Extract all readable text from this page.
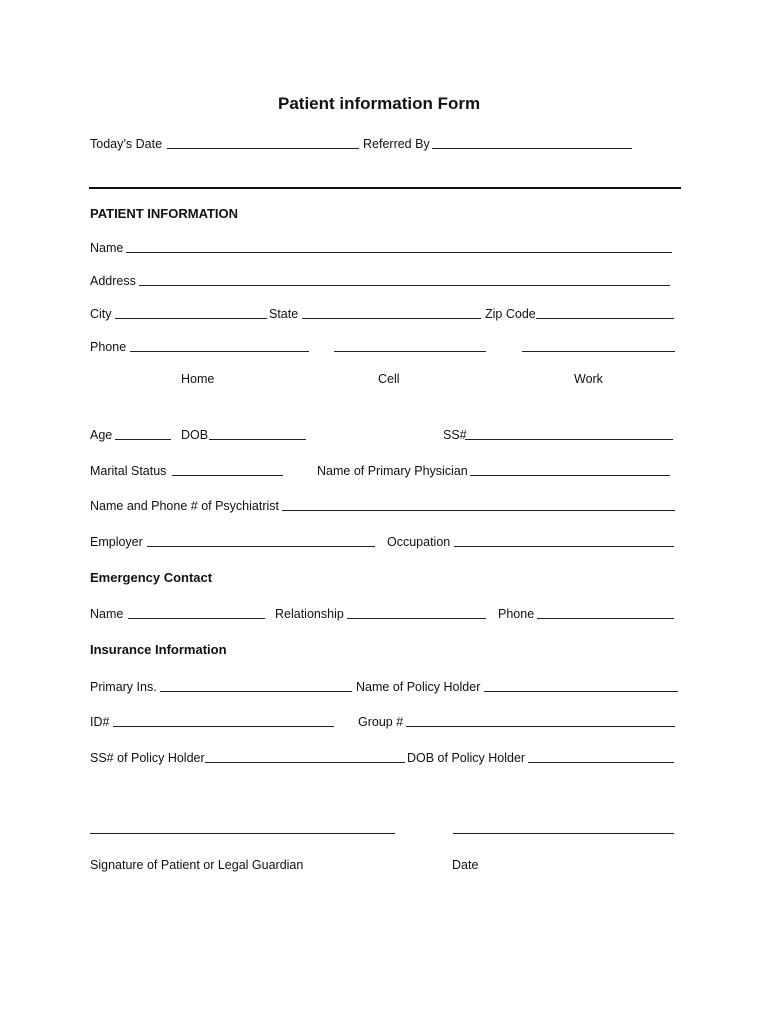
Patient information Form
Today’s Date	Referred By
PATIENT INFORMATION
Name
Address
City	State	Zip Code
Phone
Home	Cell	Work
Age	DOB	SS#
Marital Status	Name of Primary Physician
Name and Phone # of Psychiatrist
Employer	Occupation
Emergency Contact
Name	Relationship	Phone
Insurance Information
Primary Ins.	Name of Policy Holder
ID#	Group #
SS# of Policy Holder	DOB of Policy Holder
Signature of Patient or Legal Guardian	Date
